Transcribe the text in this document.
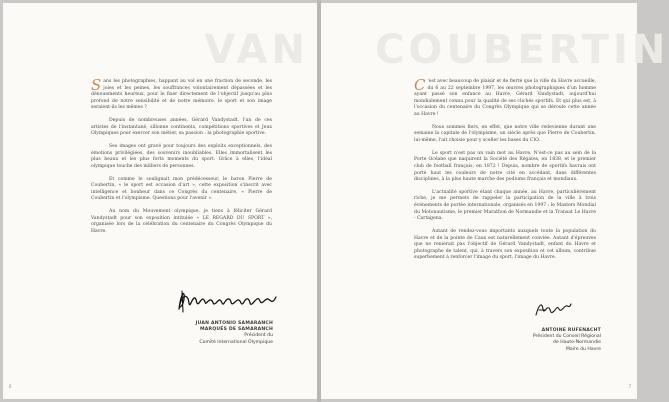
VAN

Sans les photographies, happant au vol en une fraction de seconde, les joies et les peines, les souffrances volontairement dépassées et les dénouements heureux, pour le fixer directement de l'objectif jusqu'au plus profond de notre sensibilité et de notre mémoire, le sport et son image seraient-ils les mêmes ?

Depuis de nombreuses années, Gérard Vandystadt, l'un de ces artistes de l'instantané, sillonne continents, compétitions sportives et Jeux Olympiques pour exercer son métier, sa passion : la photographie sportive.

Ses images ont gravé pour toujours des exploits exceptionnels, des émotions privilégiées, des souvenirs inoubliables. Elles immortalisent les plus beaux et les plus forts moments du sport. Grâce à elles, l'idéal olympique touche des milliers de personnes.

Et comme le soulignait mon prédécesseur, le baron Pierre de Coubertin, « le sport est occasion d'art », cette exposition s'inscrit avec intelligence et bonheur dans ce Congrès du centenaire, « Pierre de Coubertin et l'olympisme. Questions pour l'avenir ».

Au nom du Mouvement olympique, je tiens à féliciter Gérard Vandystadt pour son exposition intitulée « LE REGARD DU SPORT », organisée lors de la célébration du centenaire du Congrès Olympique du Havre.

JUAN ANTONIO SAMARANCH
MARQUÉS DE SAMARANCH
Président du
Comité International Olympique
6
COUBERTIN

C 'est avec beaucoup de plaisir et de fierté que la ville du Havre accueille, du 6 au 22 septembre 1997, les œuvres photographiques d'un homme ayant passé son enfance au Havre, Gérard Vandystadt, aujourd'hui mondialement connu pour la qualité de ses clichés sportifs. Et qui plus est, à l'occasion du centenaire du Congrès Olympique qui se déroule cette année au Havre !

Nous sommes fiers, en effet, que notre ville redevienne durant une semaine la capitale de l'olympisme, un siècle après que Pierre de Coubertin, lui-même, l'ait choisie pour y sceller les bases du CIO.

Le sport n'est pas un vain mot au Havre. N'est-ce pas au sein de la Porte Océane que naquirent la Société des Régates, en 1838, et le premier club de football français, en 1872 ! Depuis, nombre de sportifs havrais ont porté haut les couleurs de notre cité en accédant, dans différentes disciplines, à la plus haute marche des podiums français et mondiaux.

L'actualité sportive étant chaque année, au Havre, particulièrement riche, je me permets de rappeler la participation de la ville à trois événements de portée internationale, organisés en 1997 : le Masters Mondial du Motonautisme, le premier Marathon de Normandie et la Transat Le Havre - Cartagena.

Autant de rendez-vous importants auxquels toute la population du Havre et de la pointe de Caux est naturellement conviée. Autant d'épreuves que ne renierait pas l'objectif de Gérard Vandystadt, enfant du Havre et photographe de talent, qui, à travers son exposition et cet album, contribue superbement à renforcer l'image du sport, l'image du Havre.

ANTOINE RUFENACHT
Président du Conseil Régional
de Haute-Normandie
Maire du Havre
7
